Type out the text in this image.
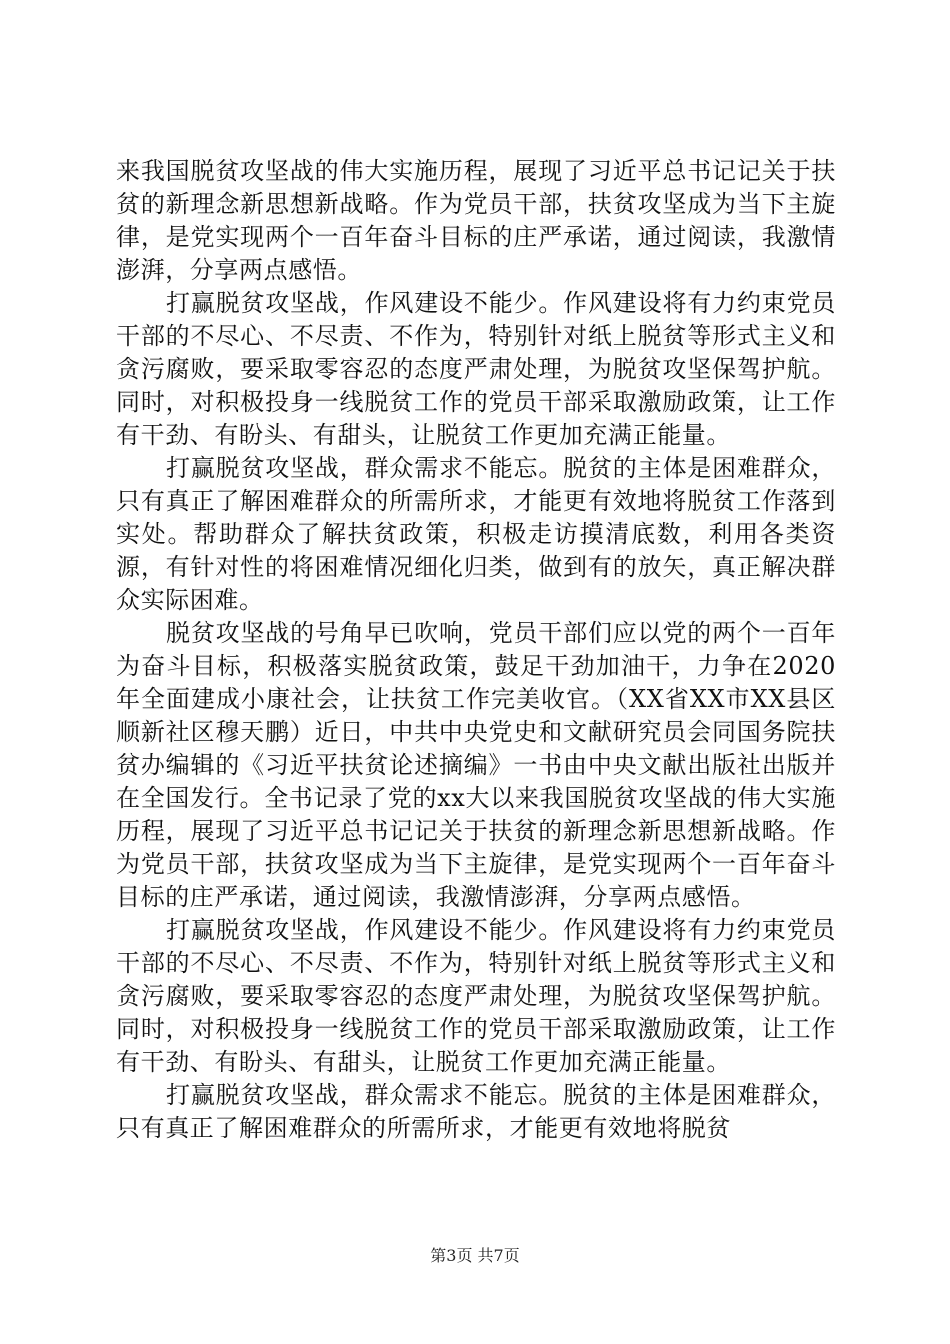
来我国脱贫攻坚战的伟大实施历程，展现了习近平总书记记关于扶贫的新理念新思想新战略。作为党员干部，扶贫攻坚成为当下主旋律，是党实现两个一百年奋斗目标的庄严承诺，通过阅读，我激情澎湃，分享两点感悟。

打赢脱贫攻坚战，作风建设不能少。作风建设将有力约束党员干部的不尽心、不尽责、不作为，特别针对纸上脱贫等形式主义和贪污腐败，要采取零容忍的态度严肃处理，为脱贫攻坚保驾护航。同时，对积极投身一线脱贫工作的党员干部采取激励政策，让工作有干劲、有盼头、有甜头，让脱贫工作更加充满正能量。

打赢脱贫攻坚战，群众需求不能忘。脱贫的主体是困难群众，只有真正了解困难群众的所需所求，才能更有效地将脱贫工作落到实处。帮助群众了解扶贫政策，积极走访摸清底数，利用各类资源，有针对性的将困难情况细化归类，做到有的放矢，真正解决群众实际困难。

脱贫攻坚战的号角早已吹响，党员干部们应以党的两个一百年为奋斗目标，积极落实脱贫政策，鼓足干劲加油干，力争在2020年全面建成小康社会，让扶贫工作完美收官。（XX省XX市XX县区顺新社区穆天鹏）近日，中共中央党史和文献研究员会同国务院扶贫办编辑的《习近平扶贫论述摘编》一书由中央文献出版社出版并在全国发行。全书记录了党的xx大以来我国脱贫攻坚战的伟大实施历程，展现了习近平总书记记关于扶贫的新理念新思想新战略。作为党员干部，扶贫攻坚成为当下主旋律，是党实现两个一百年奋斗目标的庄严承诺，通过阅读，我激情澎湃，分享两点感悟。

打赢脱贫攻坚战，作风建设不能少。作风建设将有力约束党员干部的不尽心、不尽责、不作为，特别针对纸上脱贫等形式主义和贪污腐败，要采取零容忍的态度严肃处理，为脱贫攻坚保驾护航。同时，对积极投身一线脱贫工作的党员干部采取激励政策，让工作有干劲、有盼头、有甜头，让脱贫工作更加充满正能量。

打赢脱贫攻坚战，群众需求不能忘。脱贫的主体是困难群众，只有真正了解困难群众的所需所求，才能更有效地将脱贫

第3页 共7页
